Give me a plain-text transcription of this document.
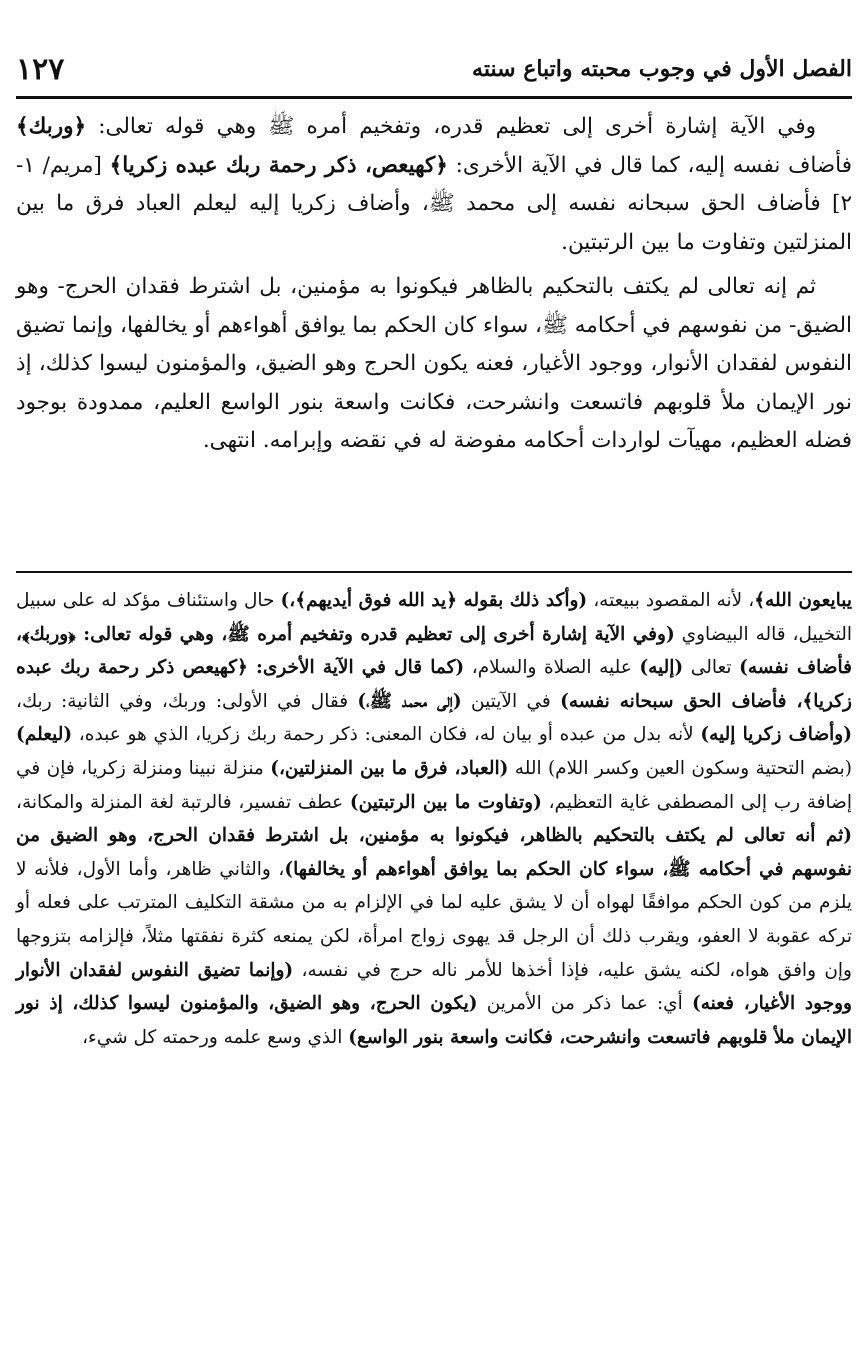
الفصل الأول في وجوب محبته واتباع سنته
١٢٧

وفي الآية إشارة أخرى إلى تعظيم قدره، وتفخيم أمره ﷺ وهي قوله تعالى: ﴿وربك﴾ فأضاف نفسه إليه، كما قال في الآية الأخرى: ﴿كهيعص، ذكر رحمة ربك عبده زكريا﴾ [مريم/ ١- ٢] فأضاف الحق سبحانه نفسه إلى محمد ﷺ، وأضاف زكريا إليه ليعلم العباد فرق ما بين المنزلتين وتفاوت ما بين الرتبتين.

ثم إنه تعالى لم يكتف بالتحكيم بالظاهر فيكونوا به مؤمنين، بل اشترط فقدان الحرج- وهو الضيق- من نفوسهم في أحكامه ﷺ، سواء كان الحكم بما يوافق أهواءهم أو يخالفها، وإنما تضيق النفوس لفقدان الأنوار، ووجود الأغيار، فعنه يكون الحرج وهو الضيق، والمؤمنون ليسوا كذلك، إذ نور الإيمان ملأ قلوبهم فاتسعت وانشرحت، فكانت واسعة بنور الواسع العليم، ممدودة بوجود فضله العظيم، مهيآت لواردات أحكامه مفوضة له في نقضه وإبرامه. انتهى.

يبايعون الله﴾، لأنه المقصود ببيعته، (وأكد ذلك بقوله ﴿يد الله فوق أيديهم﴾،) حال واستئناف مؤكد له على سبيل التخييل، قاله البيضاوي (وفي الآية إشارة أخرى إلى تعظيم قدره وتفخيم أمره ﷺ، وهي قوله تعالى: ﴿وربك﴾، فأضاف نفسه) تعالى (إليه) عليه الصلاة والسلام، (كما قال في الآية الأخرى: ﴿كهيعص ذكر رحمة ربك عبده زكريا﴾، فأضاف الحق سبحانه نفسه) في الآيتين (إلى محمد ﷺ،) فقال في الأولى: وربك، وفي الثانية: ربك، (وأضاف زكريا إليه) لأنه بدل من عبده أو بيان له، فكان المعنى: ذكر رحمة ربك زكريا، الذي هو عبده، (ليعلم) (بضم التحتية وسكون العين وكسر اللام) الله (العباد، فرق ما بين المنزلتين،) منزلة نبينا ومنزلة زكريا، فإن في إضافة رب إلى المصطفى غاية التعظيم، (وتفاوت ما بين الرتبتين) عطف تفسير، فالرتبة لغة المنزلة والمكانة، (ثم أنه تعالى لم يكتف بالتحكيم بالظاهر، فيكونوا به مؤمنين، بل اشترط فقدان الحرج، وهو الضيق من نفوسهم في أحكامه ﷺ، سواء كان الحكم بما يوافق أهواءهم أو يخالفها)، والثاني ظاهر، وأما الأول، فلأنه لا يلزم من كون الحكم موافقًا لهواه أن لا يشق عليه لما في الإلزام به من مشقة التكليف المترتب على فعله أو تركه عقوبة لا العفو، ويقرب ذلك أن الرجل قد يهوى زواج امرأة، لكن يمنعه كثرة نفقتها مثلاً، فإلزامه بتزوجها وإن وافق هواه، لكنه يشق عليه، فإذا أخذها للأمر ناله حرج في نفسه، (وإنما تضيق النفوس لفقدان الأنوار ووجود الأغيار، فعنه) أي: عما ذكر من الأمرين (يكون الحرج، وهو الضيق، والمؤمنون ليسوا كذلك، إذ نور الإيمان ملأ قلوبهم فاتسعت وانشرحت، فكانت واسعة بنور الواسع) الذي وسع علمه ورحمته كل شيء،
